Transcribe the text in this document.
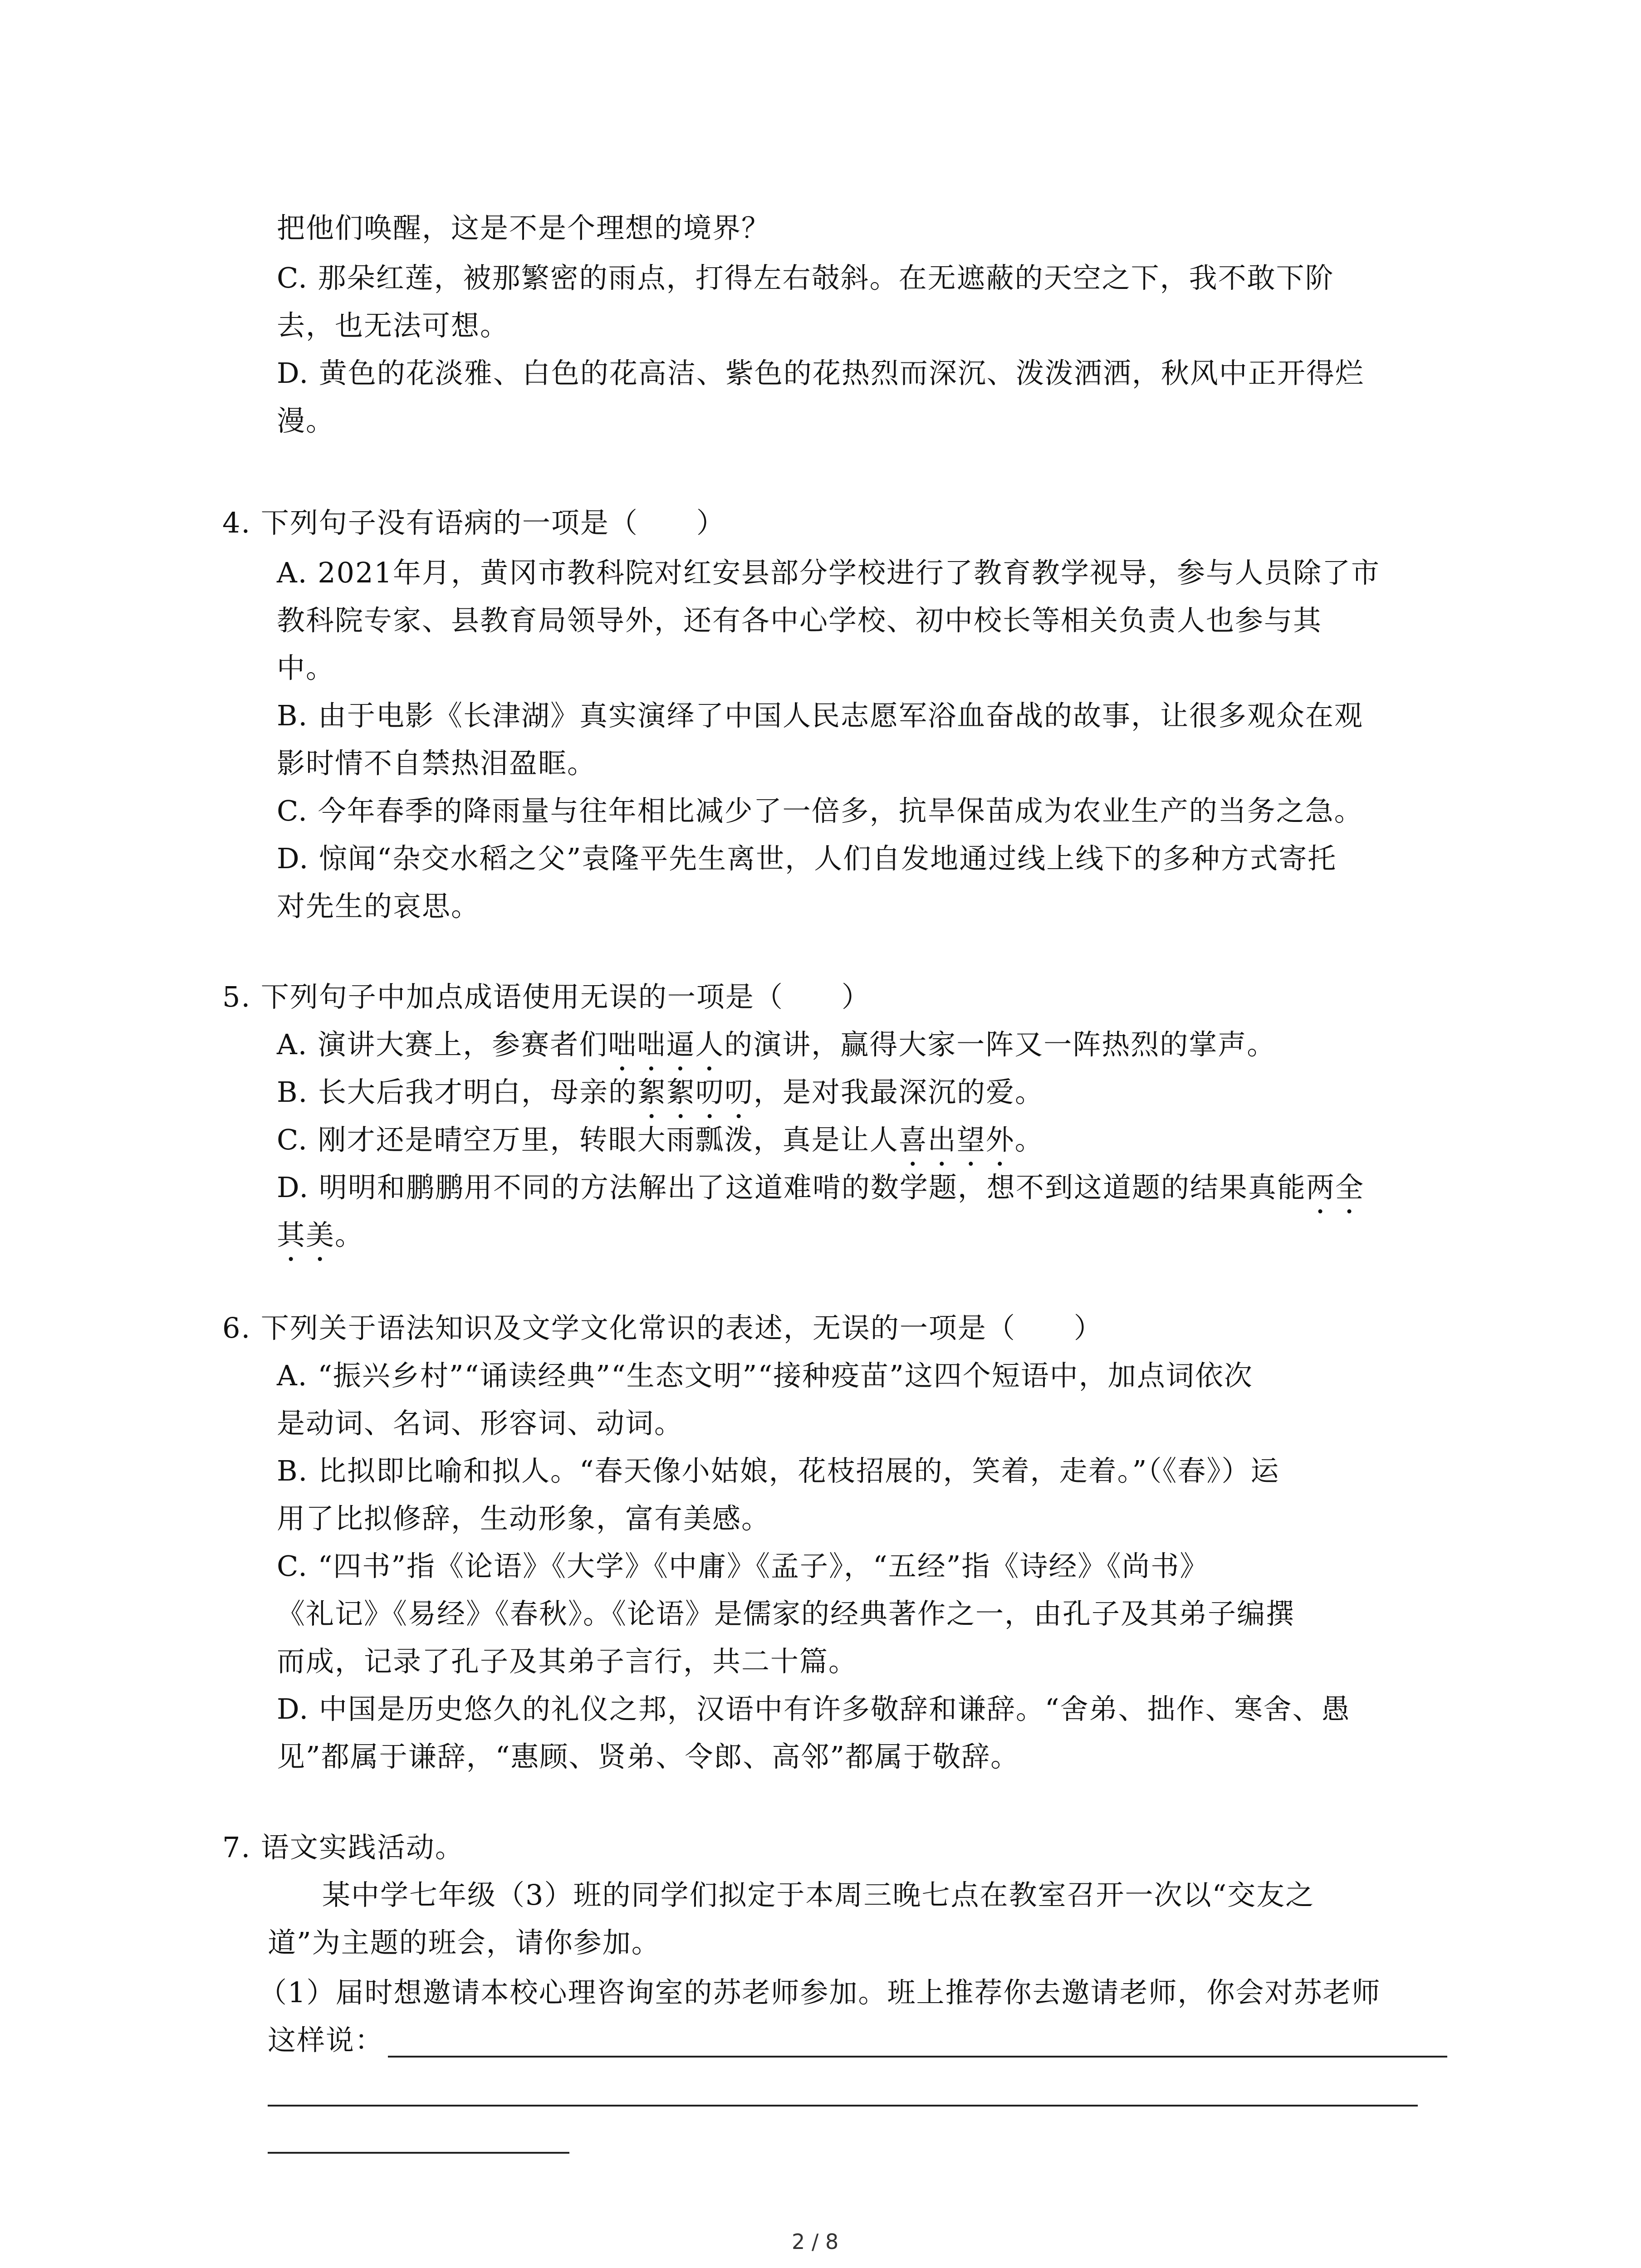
把他们唤醒，这是不是个理想的境界？
C. 那朵红莲，被那繁密的雨点，打得左右攲斜。在无遮蔽的天空之下，我不敢下阶
去，也无法可想。
D. 黄色的花淡雅、白色的花高洁、紫色的花热烈而深沉、泼泼洒洒，秋风中正开得烂
漫。
4. 下列句子没有语病的一项是（　　）
A. 2021年月，黄冈市教科院对红安县部分学校进行了教育教学视导，参与人员除了市
教科院专家、县教育局领导外，还有各中心学校、初中校长等相关负责人也参与其
中。
B. 由于电影《长津湖》真实演绎了中国人民志愿军浴血奋战的故事，让很多观众在观
影时情不自禁热泪盈眶。
C. 今年春季的降雨量与往年相比减少了一倍多，抗旱保苗成为农业生产的当务之急。
D. 惊闻“杂交水稻之父”袁隆平先生离世，人们自发地通过线上线下的多种方式寄托
对先生的哀思。
5. 下列句子中加点成语使用无误的一项是（　　）
A. 演讲大赛上，参赛者们咄咄逼人的演讲，赢得大家一阵又一阵热烈的掌声。
B. 长大后我才明白，母亲的絮絮叨叨，是对我最深沉的爱。
C. 刚才还是晴空万里，转眼大雨瓢泼，真是让人喜出望外。
D. 明明和鹏鹏用不同的方法解出了这道难啃的数学题，想不到这道题的结果真能两全
其美。
6. 下列关于语法知识及文学文化常识的表述，无误的一项是（　　）
A. “振兴乡村”“诵读经典”“生态文明”“接种疫苗”这四个短语中，加点词依次
是动词、名词、形容词、动词。
B. 比拟即比喻和拟人。“春天像小姑娘，花枝招展的，笑着，走着。”（《春》）运
用了比拟修辞，生动形象，富有美感。
C. “四书”指《论语》《大学》《中庸》《孟子》，“五经”指《诗经》《尚书》
《礼记》《易经》《春秋》。《论语》是儒家的经典著作之一，由孔子及其弟子编撰
而成，记录了孔子及其弟子言行，共二十篇。
D. 中国是历史悠久的礼仪之邦，汉语中有许多敬辞和谦辞。“舍弟、拙作、寒舍、愚
见”都属于谦辞，“惠顾、贤弟、令郎、高邻”都属于敬辞。
7. 语文实践活动。
某中学七年级（3）班的同学们拟定于本周三晚七点在教室召开一次以“交友之
道”为主题的班会，请你参加。
（1）届时想邀请本校心理咨询室的苏老师参加。班上推荐你去邀请老师，你会对苏老师
这样说：
2 / 8
